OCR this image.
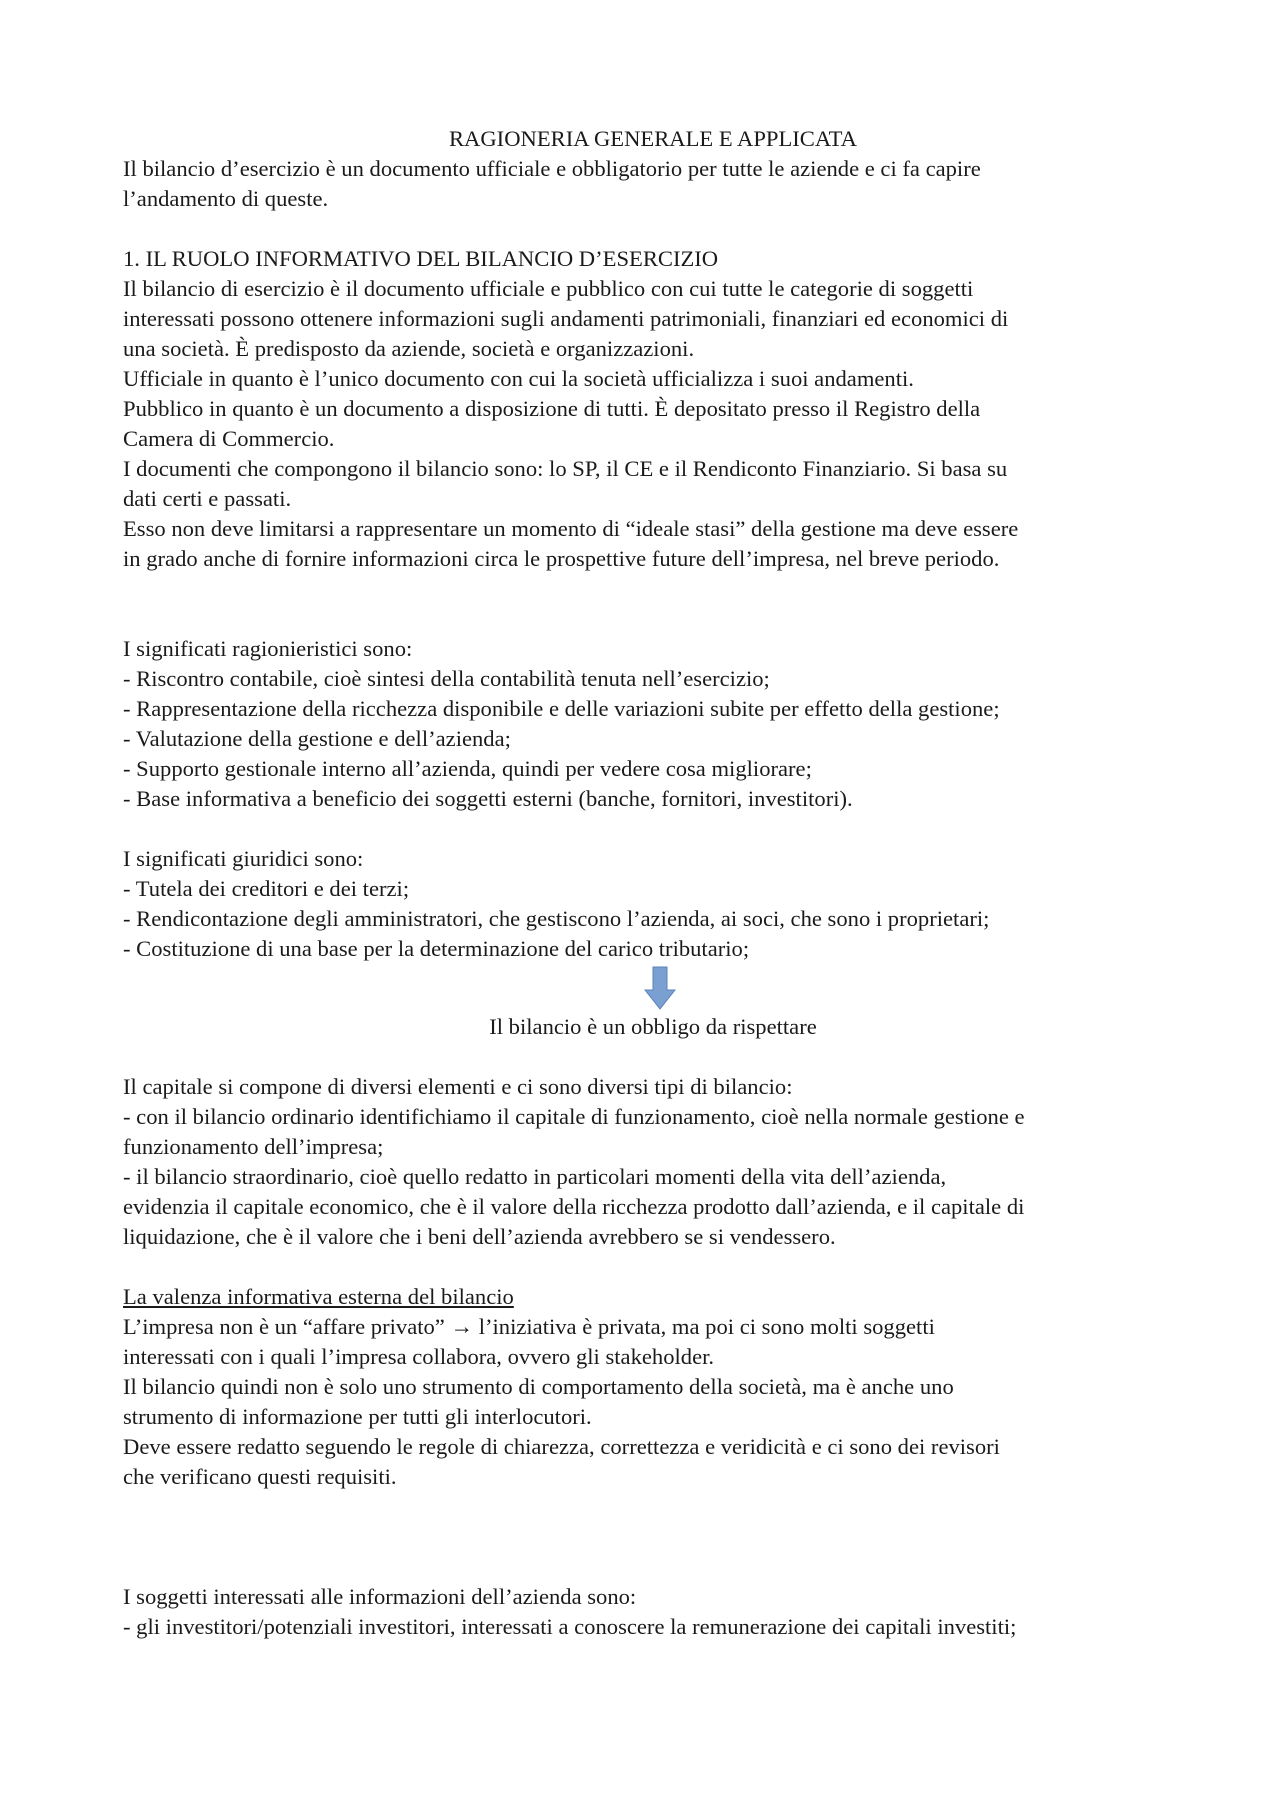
RAGIONERIA GENERALE E APPLICATA
Il bilancio d’esercizio è un documento ufficiale e obbligatorio per tutte le aziende e ci fa capire
l’andamento di queste.
1. IL RUOLO INFORMATIVO DEL BILANCIO D’ESERCIZIO
Il bilancio di esercizio è il documento ufficiale e pubblico con cui tutte le categorie di soggetti
interessati possono ottenere informazioni sugli andamenti patrimoniali, finanziari ed economici di
una società. È predisposto da aziende, società e organizzazioni.
Ufficiale in quanto è l’unico documento con cui la società ufficializza i suoi andamenti.
Pubblico in quanto è un documento a disposizione di tutti. È depositato presso il Registro della
Camera di Commercio.
I documenti che compongono il bilancio sono: lo SP, il CE e il Rendiconto Finanziario. Si basa su
dati certi e passati.
Esso non deve limitarsi a rappresentare un momento di “ideale stasi” della gestione ma deve essere
in grado anche di fornire informazioni circa le prospettive future dell’impresa, nel breve periodo.
I significati ragionieristici sono:
- Riscontro contabile, cioè sintesi della contabilità tenuta nell’esercizio;
- Rappresentazione della ricchezza disponibile e delle variazioni subite per effetto della gestione;
- Valutazione della gestione e dell’azienda;
- Supporto gestionale interno all’azienda, quindi per vedere cosa migliorare;
- Base informativa a beneficio dei soggetti esterni (banche, fornitori, investitori).
I significati giuridici sono:
- Tutela dei creditori e dei terzi;
- Rendicontazione degli amministratori, che gestiscono l’azienda, ai soci, che sono i proprietari;
- Costituzione di una base per la determinazione del carico tributario;
Il bilancio è un obbligo da rispettare
Il capitale si compone di diversi elementi e ci sono diversi tipi di bilancio:
- con il bilancio ordinario identifichiamo il capitale di funzionamento, cioè nella normale gestione e
funzionamento dell’impresa;
- il bilancio straordinario, cioè quello redatto in particolari momenti della vita dell’azienda,
evidenzia il capitale economico, che è il valore della ricchezza prodotto dall’azienda, e il capitale di
liquidazione, che è il valore che i beni dell’azienda avrebbero se si vendessero.
La valenza informativa esterna del bilancio
L’impresa non è un “affare privato” → l’iniziativa è privata, ma poi ci sono molti soggetti
interessati con i quali l’impresa collabora, ovvero gli stakeholder.
Il bilancio quindi non è solo uno strumento di comportamento della società, ma è anche uno
strumento di informazione per tutti gli interlocutori.
Deve essere redatto seguendo le regole di chiarezza, correttezza e veridicità e ci sono dei revisori
che verificano questi requisiti.
I soggetti interessati alle informazioni dell’azienda sono:
- gli investitori/potenziali investitori, interessati a conoscere la remunerazione dei capitali investiti;
